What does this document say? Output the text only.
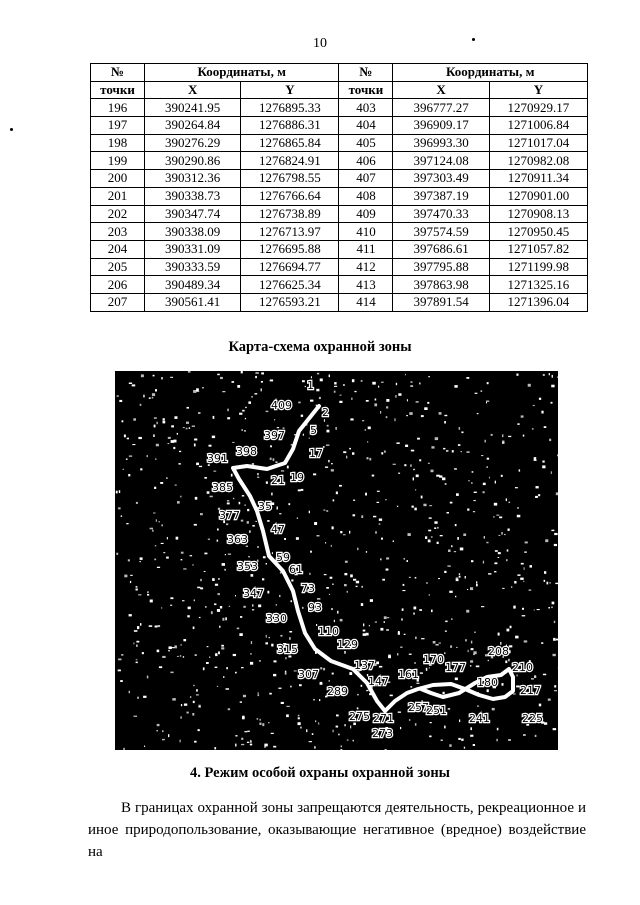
10
№	Координаты, м		№	Координаты, м	
точки	X	Y	точки	X	Y
196	390241.95	1276895.33	403	396777.27	1270929.17
197	390264.84	1276886.31	404	396909.17	1271006.84
198	390276.29	1276865.84	405	396993.30	1271017.04
199	390290.86	1276824.91	406	397124.08	1270982.08
200	390312.36	1276798.55	407	397303.49	1270911.34
201	390338.73	1276766.64	408	397387.19	1270901.00
202	390347.74	1276738.89	409	397470.33	1270908.13
203	390338.09	1276713.97	410	397574.59	1270950.45
204	390331.09	1276695.88	411	397686.61	1271057.82
205	390333.59	1276694.77	412	397795.88	1271199.98
206	390489.34	1276625.34	413	397863.98	1271325.16
207	390561.41	1276593.21	414	397891.54	1271396.04
Карта-схема охранной зоны
1
409
2
397 5
398
391	17
21 19
385
35
377
47
363
59
61
353
73
347
93
330
110
129
315
137	170
208
147
161
177	210
307
180
289	217
257
251
275 271	241	225
273
4. Режим особой охраны охранной зоны

В границах охранной зоны запрещаются деятельность, рекреационное и
иное природопользование, оказывающие негативное (вредное) воздействие на
